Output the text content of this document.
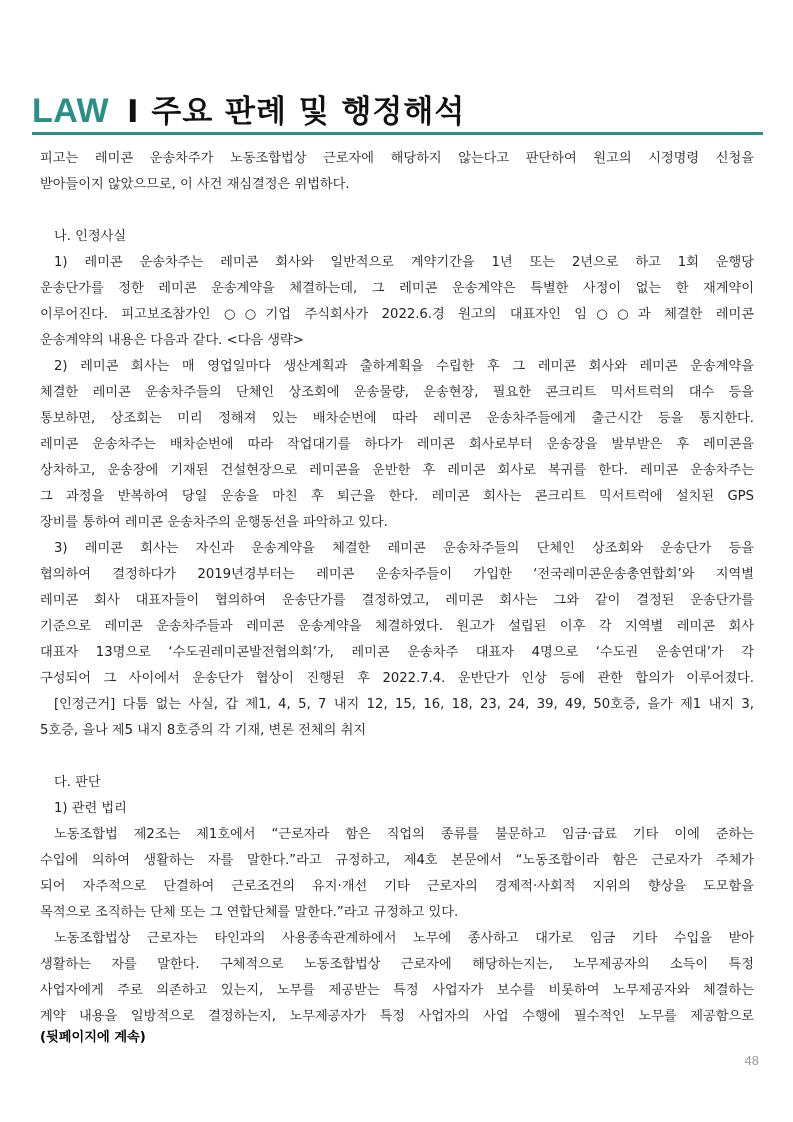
LAW I 주요 판례 및 행정해석
피고는 레미콘 운송차주가 노동조합법상 근로자에 해당하지 않는다고 판단하여 원고의 시정명령 신청을
받아들이지 않았으므로, 이 사건 재심결정은 위법하다.
나. 인정사실
1) 레미콘 운송차주는 레미콘 회사와 일반적으로 계약기간을 1년 또는 2년으로 하고 1회 운행당
운송단가를 정한 레미콘 운송계약을 체결하는데, 그 레미콘 운송계약은 특별한 사정이 없는 한 재계약이
이루어진다. 피고보조참가인 ○○기업 주식회사가 2022.6.경 원고의 대표자인 임○○과 체결한 레미콘
운송계약의 내용은 다음과 같다. <다음 생략>
2) 레미콘 회사는 매 영업일마다 생산계획과 출하계획을 수립한 후 그 레미콘 회사와 레미콘 운송계약을
체결한 레미콘 운송차주들의 단체인 상조회에 운송물량, 운송현장, 필요한 콘크리트 믹서트럭의 대수 등을
통보하면, 상조회는 미리 정해져 있는 배차순번에 따라 레미콘 운송차주들에게 출근시간 등을 통지한다.
레미콘 운송차주는 배차순번에 따라 작업대기를 하다가 레미콘 회사로부터 운송장을 발부받은 후 레미콘을
상차하고, 운송장에 기재된 건설현장으로 레미콘을 운반한 후 레미콘 회사로 복귀를 한다. 레미콘 운송차주는
그 과정을 반복하여 당일 운송을 마친 후 퇴근을 한다. 레미콘 회사는 콘크리트 믹서트럭에 설치된 GPS
장비를 통하여 레미콘 운송차주의 운행동선을 파악하고 있다.
3) 레미콘 회사는 자신과 운송계약을 체결한 레미콘 운송차주들의 단체인 상조회와 운송단가 등을
협의하여 결정하다가 2019년경부터는 레미콘 운송차주들이 가입한 ‘전국레미콘운송총연합회’와 지역별
레미콘 회사 대표자들이 협의하여 운송단가를 결정하였고, 레미콘 회사는 그와 같이 결정된 운송단가를
기준으로 레미콘 운송차주들과 레미콘 운송계약을 체결하였다. 원고가 설립된 이후 각 지역별 레미콘 회사
대표자 13명으로 ‘수도권레미콘발전협의회’가, 레미콘 운송차주 대표자 4명으로 ‘수도권 운송연대’가 각
구성되어 그 사이에서 운송단가 협상이 진행된 후 2022.7.4. 운반단가 인상 등에 관한 합의가 이루어졌다.
[인정근거] 다툼 없는 사실, 갑 제1, 4, 5, 7 내지 12, 15, 16, 18, 23, 24, 39, 49, 50호증, 을가 제1 내지 3,
5호증, 을나 제5 내지 8호증의 각 기재, 변론 전체의 취지
다. 판단
1) 관련 법리
노동조합법 제2조는 제1호에서 “근로자라 함은 직업의 종류를 불문하고 임금·급료 기타 이에 준하는
수입에 의하여 생활하는 자를 말한다.”라고 규정하고, 제4호 본문에서 “노동조합이라 함은 근로자가 주체가
되어 자주적으로 단결하여 근로조건의 유지·개선 기타 근로자의 경제적·사회적 지위의 향상을 도모함을
목적으로 조직하는 단체 또는 그 연합단체를 말한다.”라고 규정하고 있다.
노동조합법상 근로자는 타인과의 사용종속관계하에서 노무에 종사하고 대가로 임금 기타 수입을 받아
생활하는 자를 말한다. 구체적으로 노동조합법상 근로자에 해당하는지는, 노무제공자의 소득이 특정
사업자에게 주로 의존하고 있는지, 노무를 제공받는 특정 사업자가 보수를 비롯하여 노무제공자와 체결하는
계약 내용을 일방적으로 결정하는지, 노무제공자가 특정 사업자의 사업 수행에 필수적인 노무를 제공함으로
(뒷페이지에 계속)
48
